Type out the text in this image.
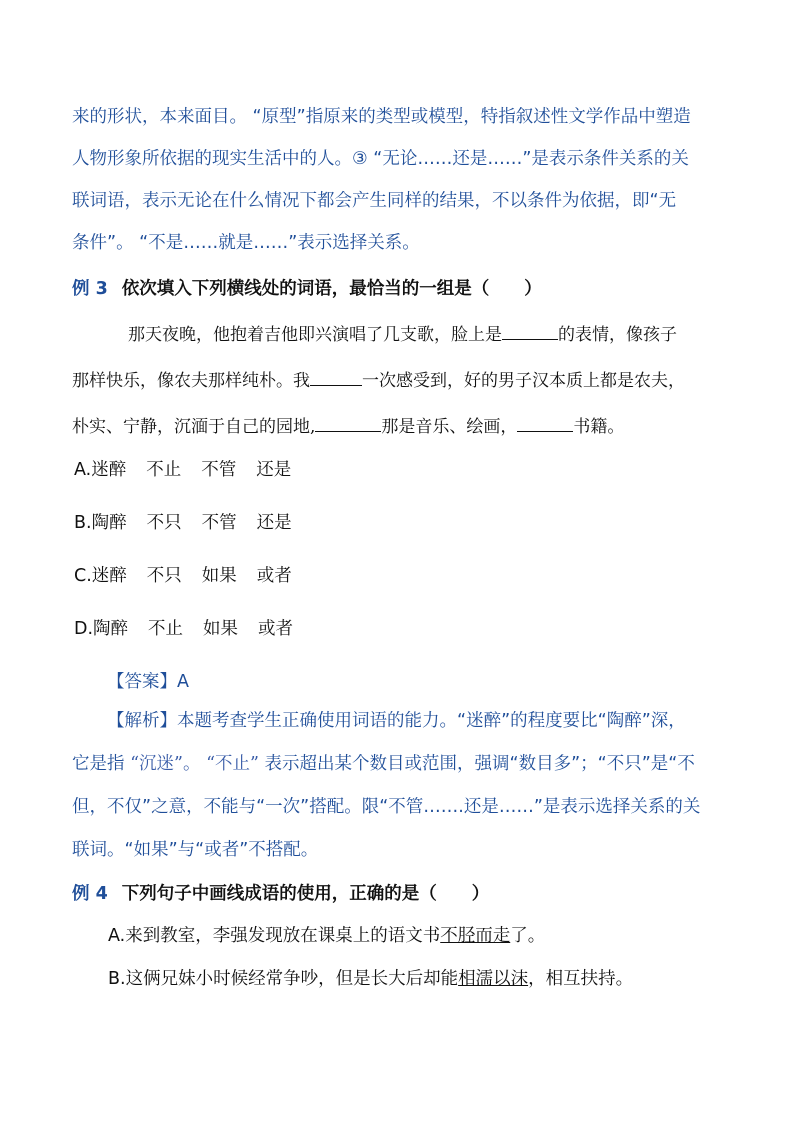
来的形状，本来面目。 “原型”指原来的类型或模型，特指叙述性文学作品中塑造
人物形象所依据的现实生活中的人。③ “无论……还是……”是表示条件关系的关
联词语，表示无论在什么情况下都会产生同样的结果，不以条件为依据，即“无
条件”。 “不是……就是……”表示选择关系。
例 3 依次填入下列横线处的词语，最恰当的一组是（　　）
那天夜晚，他抱着吉他即兴演唱了几支歌，脸上是	的表情，像孩子
那样快乐，像农夫那样纯朴。我	一次感受到，好的男子汉本质上都是农夫，
朴实、宁静，沉湎于自己的园地,	那是音乐、绘画，	书籍。
A.迷醉 不止 不管 还是
B.陶醉 不只 不管 还是
C.迷醉 不只 如果 或者
D.陶醉 不止 如果 或者
【答案】A
【解析】本题考查学生正确使用词语的能力。“迷醉”的程度要比“陶醉”深，
它是指 “沉迷”。 “不止” 表示超出某个数目或范围，强调“数目多”；“不只”是“不
但，不仅”之意，不能与“一次”搭配。限“不管…….还是……”是表示选择关系的关
联词。“如果”与“或者”不搭配。
例 4 下列句子中画线成语的使用，正确的是（　　）
A.来到教室，李强发现放在课桌上的语文书不胫而走了。
B.这俩兄妹小时候经常争吵，但是长大后却能相濡以沫，相互扶持。
